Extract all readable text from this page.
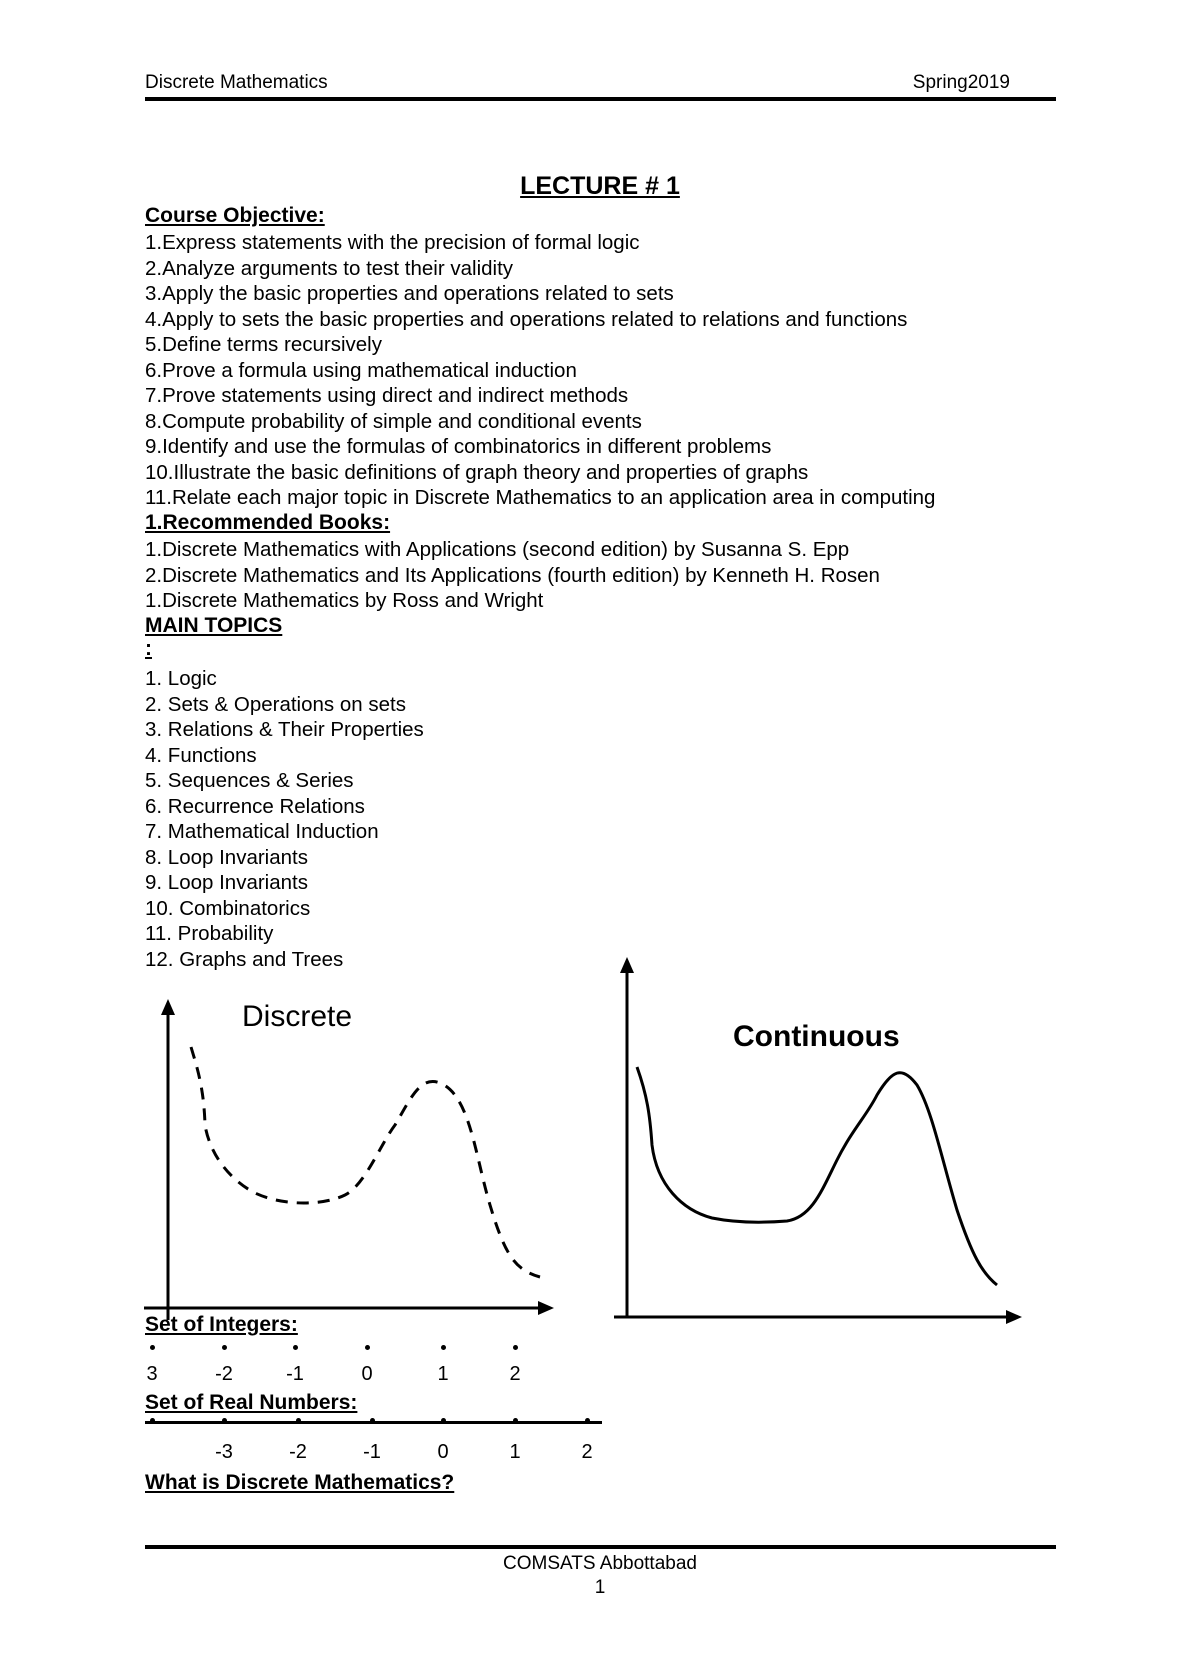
Discrete Mathematics	Spring2019
LECTURE # 1
Course Objective:
1.Express statements with the precision of formal logic
2.Analyze arguments to test their validity
3.Apply the basic properties and operations related to sets
4.Apply to sets the basic properties and operations related to relations and functions
5.Define terms recursively
6.Prove a formula using mathematical induction
7.Prove statements using direct and indirect methods
8.Compute probability of simple and conditional events
9.Identify and use the formulas of combinatorics in different problems
10.Illustrate the basic definitions of graph theory and properties of graphs
11.Relate each major topic in Discrete Mathematics to an application area in computing
1.Recommended Books:
1.Discrete Mathematics with Applications (second edition) by Susanna S. Epp
2.Discrete Mathematics and Its Applications (fourth edition) by Kenneth H. Rosen
1.Discrete Mathematics by Ross and Wright
MAIN TOPICS
:
1. Logic
2. Sets & Operations on sets
3. Relations & Their Properties
4. Functions
5. Sequences & Series
6. Recurrence Relations
7. Mathematical Induction
8. Loop Invariants
9. Loop Invariants
10. Combinatorics
11. Probability
12. Graphs and Trees
Discrete
Continuous
Set of Integers:
3	-2	-1	0	1	2
Set of Real Numbers:
-3	-2	-1	0	1	2
What is Discrete Mathematics?
COMSATS Abbottabad
1
